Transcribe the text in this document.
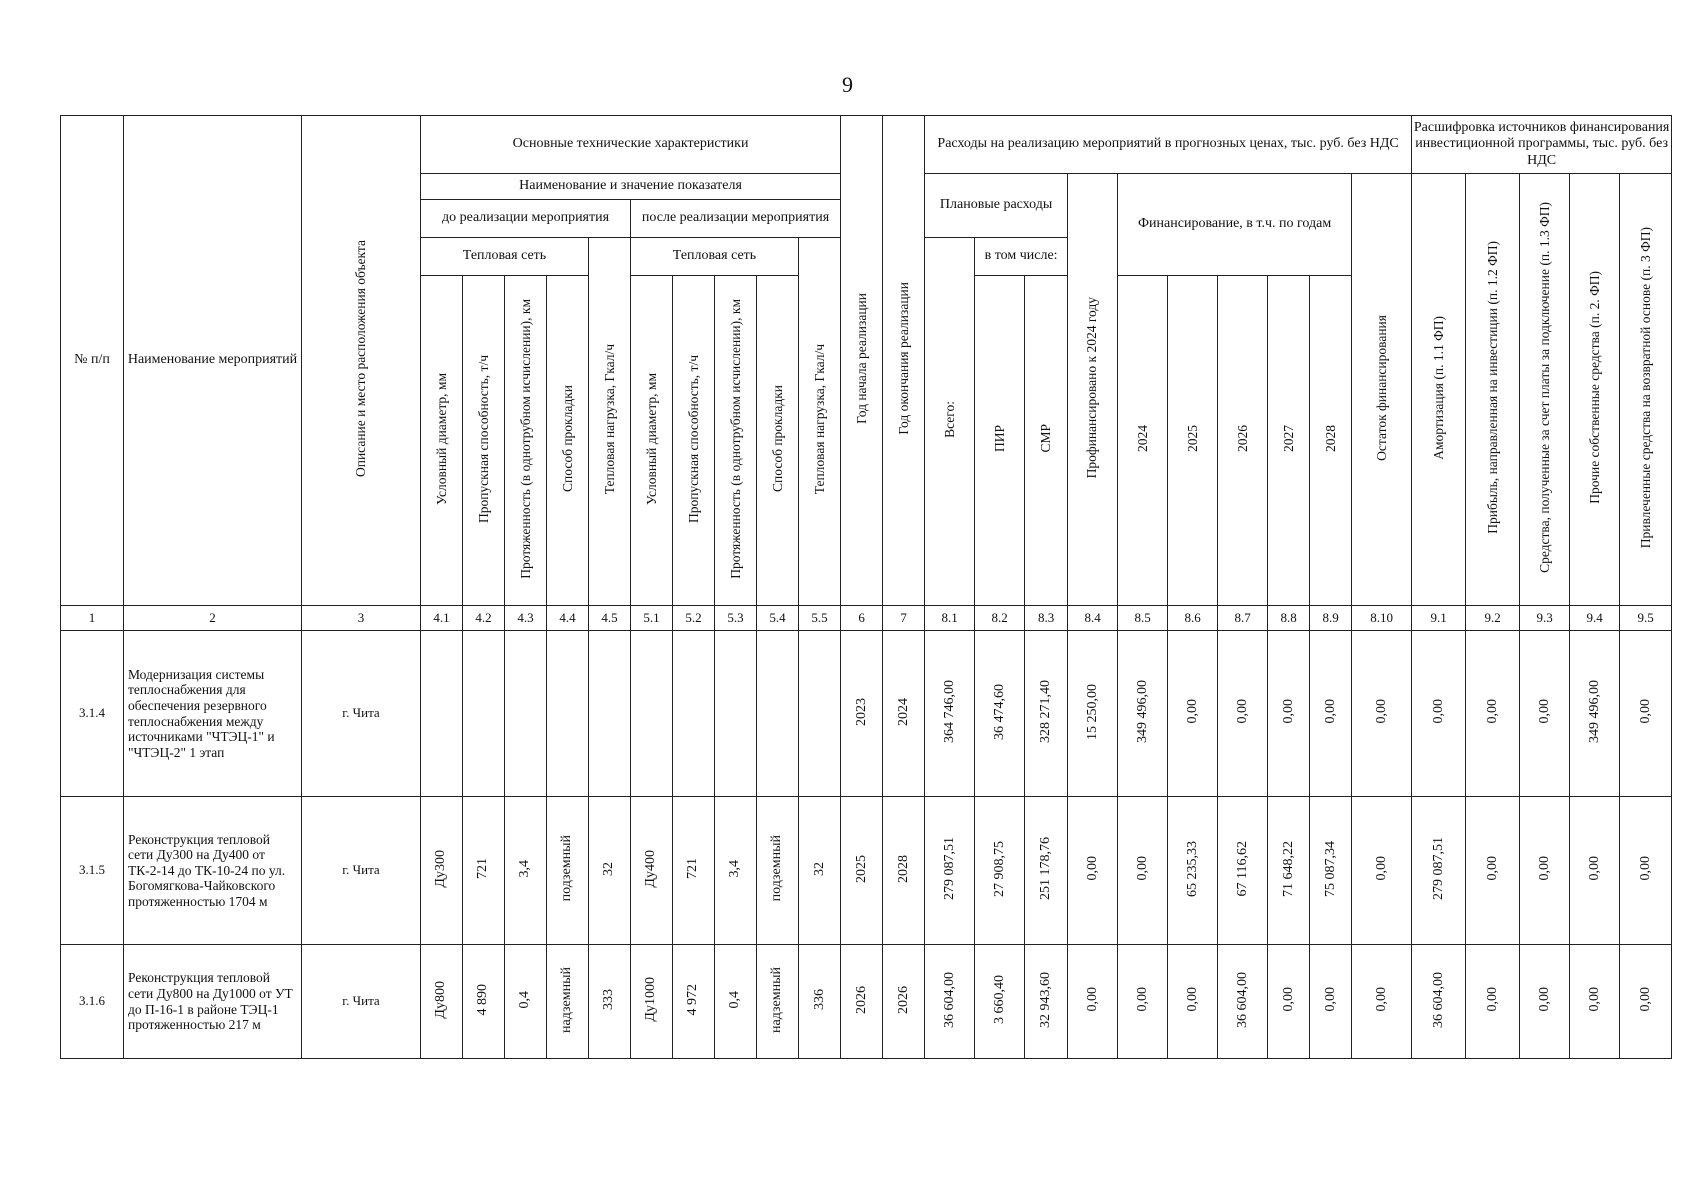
9
№ п/п	Наименование мероприятий	Описание и место расположения объекта	Основные технические характеристики										Год начала реализации	Год окончания реализации	Расходы на реализацию мероприятий в прогнозных ценах, тыс. руб. без НДС										Расшифровка источников финансирования инвестиционной программы, тыс. руб. без НДС				
			Наименование и значение показателя												Плановые расходы			Профинансировано к 2024 году	Финансирование, в т.ч. по годам					Остаток финансирования	Амортизация (п. 1.1 ФП)	Прибыль, направленная на инвестиции (п. 1.2 ФП)	Средства, полученные за счет платы за подключение (п. 1.3 ФП)	Прочие собственные средства (п. 2. ФП)	Привлеченные средства на возвратной основе (п. 3 ФП)
			до реализации мероприятия					после реализации мероприятия																					
			Тепловая сеть				Тепловая нагрузка, Гкал/ч	Тепловая сеть				Тепловая нагрузка, Гкал/ч			Всего:	в том числе:													
			Условный диаметр, мм	Пропускная способность, т/ч	Протяженность (в однотрубном исчислении), км	Способ прокладки		Условный диаметр, мм	Пропускная способность, т/ч	Протяженность (в однотрубном исчислении), км	Способ прокладки					ПИР	СМР		2024	2025	2026	2027	2028						
1	2	3	4.1	4.2	4.3	4.4	4.5	5.1	5.2	5.3	5.4	5.5	6	7	8.1	8.2	8.3	8.4	8.5	8.6	8.7	8.8	8.9	8.10	9.1	9.2	9.3	9.4	9.5
3.1.4	Модернизация системы теплоснабжения для обеспечения резервного теплоснабжения между источниками "ЧТЭЦ-1" и "ЧТЭЦ-2" 1 этап	г. Чита											2023	2024	364 746,00	36 474,60	328 271,40	15 250,00	349 496,00	0,00	0,00	0,00	0,00	0,00	0,00	0,00	0,00	349 496,00	0,00
3.1.5	Реконструкция тепловой сети Ду300 на Ду400 от ТК-2-14 до ТК-10-24 по ул. Богомягкова-Чайковского протяженностью 1704 м	г. Чита	Ду300	721	3,4	подземный	32	Ду400	721	3,4	подземный	32	2025	2028	279 087,51	27 908,75	251 178,76	0,00	0,00	65 235,33	67 116,62	71 648,22	75 087,34	0,00	279 087,51	0,00	0,00	0,00	0,00
3.1.6	Реконструкция тепловой сети Ду800 на Ду1000 от УТ до П-16-1 в районе ТЭЦ-1 протяженностью 217 м	г. Чита	Ду800	4 890	0,4	надземный	333	Ду1000	4 972	0,4	надземный	336	2026	2026	36 604,00	3 660,40	32 943,60	0,00	0,00	0,00	36 604,00	0,00	0,00	0,00	36 604,00	0,00	0,00	0,00	0,00
